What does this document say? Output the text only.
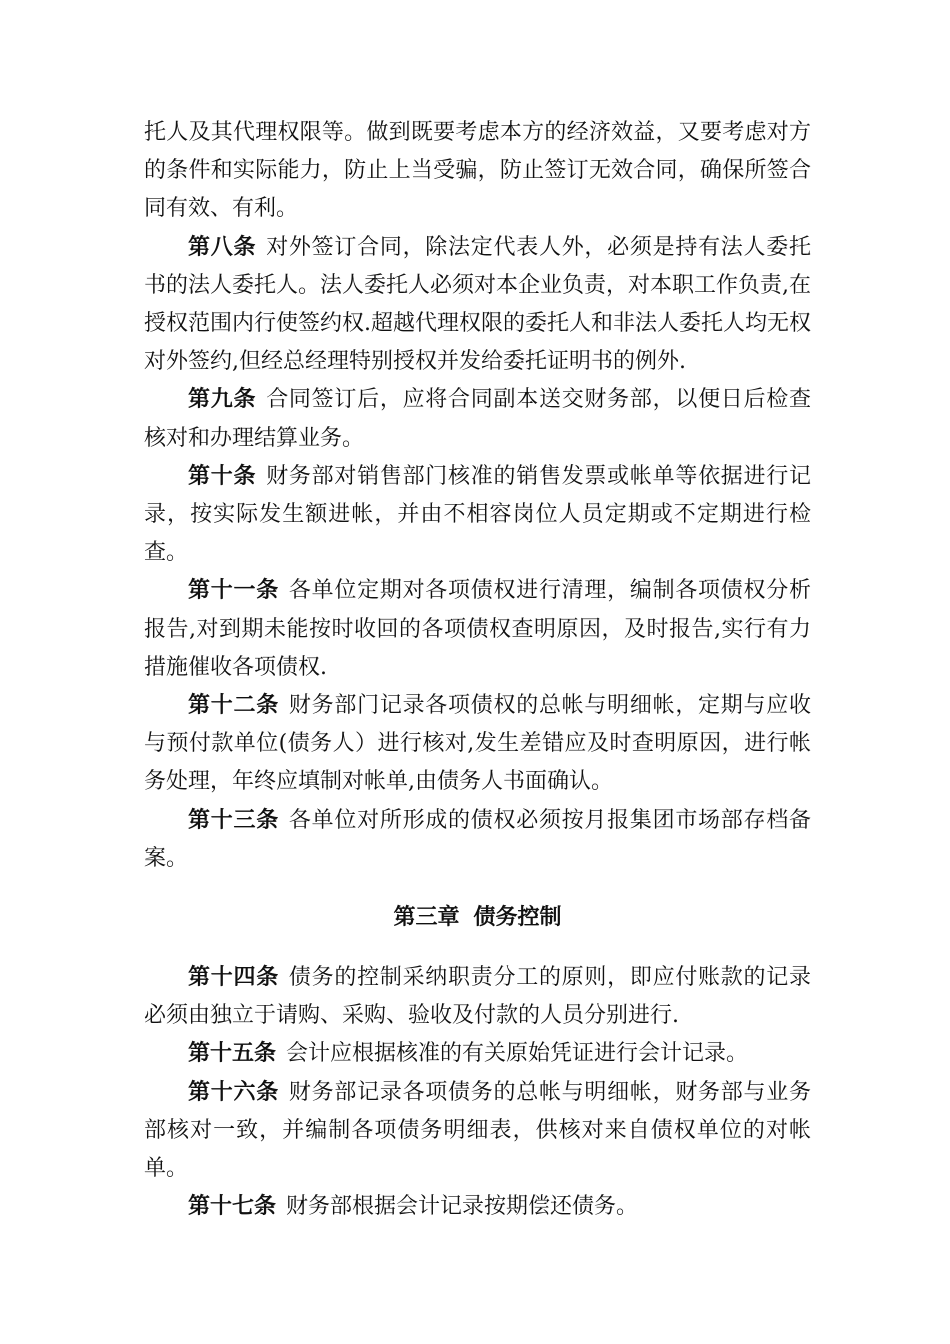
托人及其代理权限等。做到既要考虑本方的经济效益，又要考虑对方的条件和实际能力，防止上当受骗，防止签订无效合同，确保所签合同有效、有利。

第八条 对外签订合同，除法定代表人外，必须是持有法人委托书的法人委托人。法人委托人必须对本企业负责，对本职工作负责,在授权范围内行使签约权.超越代理权限的委托人和非法人委托人均无权对外签约,但经总经理特别授权并发给委托证明书的例外.

第九条 合同签订后，应将合同副本送交财务部，以便日后检查核对和办理结算业务。

第十条 财务部对销售部门核准的销售发票或帐单等依据进行记录，按实际发生额进帐，并由不相容岗位人员定期或不定期进行检查。

第十一条 各单位定期对各项债权进行清理，编制各项债权分析报告,对到期未能按时收回的各项债权查明原因，及时报告,实行有力措施催收各项债权.

第十二条 财务部门记录各项债权的总帐与明细帐，定期与应收与预付款单位(债务人）进行核对,发生差错应及时查明原因，进行帐务处理，年终应填制对帐单,由债务人书面确认。

第十三条 各单位对所形成的债权必须按月报集团市场部存档备案。

第三章 债务控制

第十四条 债务的控制采纳职责分工的原则，即应付账款的记录必须由独立于请购、采购、验收及付款的人员分别进行.

第十五条 会计应根据核准的有关原始凭证进行会计记录。

第十六条 财务部记录各项债务的总帐与明细帐，财务部与业务部核对一致，并编制各项债务明细表，供核对来自债权单位的对帐单。

第十七条 财务部根据会计记录按期偿还债务。
